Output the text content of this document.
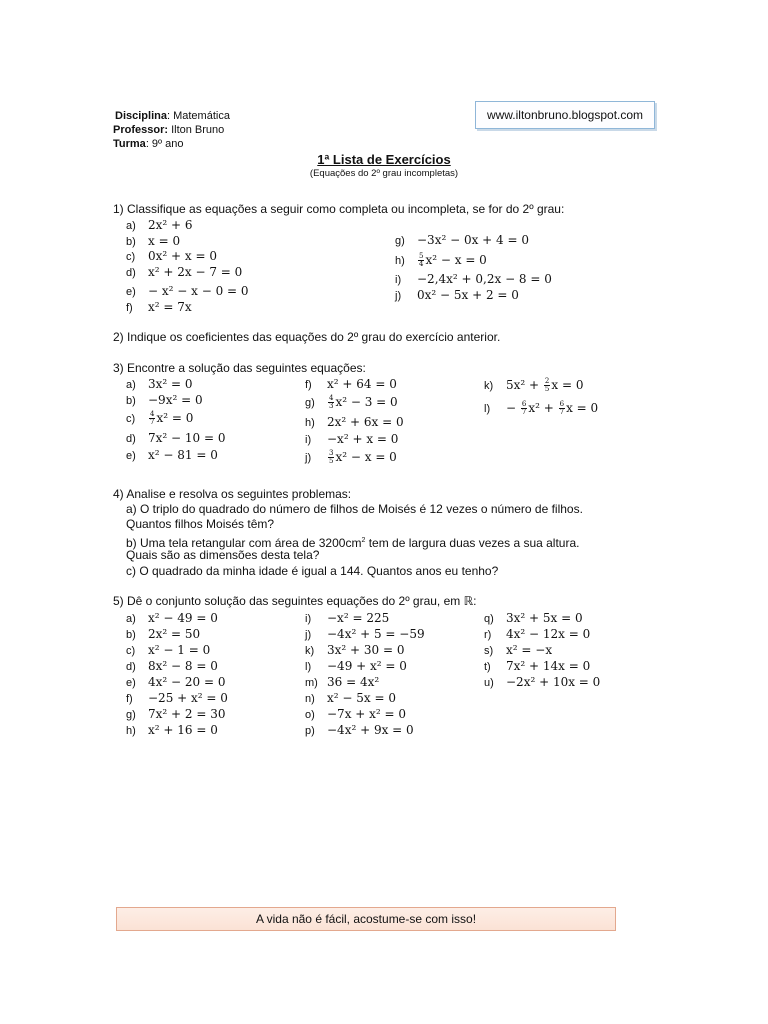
Disciplina: Matemática
Professor: Ilton Bruno
Turma: 9º ano
www.iltonbruno.blogspot.com
1ª Lista de Exercícios
(Equações do 2º grau incompletas)
1) Classifique as equações a seguir como completa ou incompleta, se for do 2º grau:
a) 2x² + 6
b) x = 0
c) 0x² + x = 0
d) x² + 2x − 7 = 0
e) − x² − x − 0 = 0
f) x² = 7x
g) −3x² − 0x + 4 = 0
$h) \frac{5}{4} x^2 - x = 0$
i) −2,4x² + 0,2x − 8 = 0
j) 0x² − 5x + 2 = 0
2) Indique os coeficientes das equações do 2º grau do exercício anterior.
3) Encontre a solução das seguintes equações:
a) 3x² = 0
b) −9x² = 0
$c) \frac{4}{7} x^2 = 0$
d) 7x² − 10 = 0
e) x² − 81 = 0
f) x² + 64 = 0
$g) \frac{4}{3} x^2 - 3 = 0$
h) 2x² + 6x = 0
i) −x² + x = 0
$j) \frac{3}{5} x^2 - x = 0$
k) $5x^2 + \frac{2}{5}$ x = 0
$l) - \frac{6}{7} x^2 + \frac{6}{7}$ x = 0
4) Analise e resolva os seguintes problemas:
a) O triplo do quadrado do número de filhos de Moisés é 12 vezes o número de filhos.
Quantos filhos Moisés têm?
b) Uma tela retangular com área de $3200cm^2$ tem de largura duas vezes a sua altura.
Quais são as dimensões desta tela?
c) O quadrado da minha idade é igual a 144. Quantos anos eu tenho?
5) Dê o conjunto solução das seguintes equações do 2º grau, em ℝ:
a) x² − 49 = 0
b) 2x² = 50
c) x² − 1 = 0
d) 8x² − 8 = 0
e) 4x² − 20 = 0
f) −25 + x² = 0
g) 7x² + 2 = 30
h) x² + 16 = 0
i) −x² = 225
j) −4x² + 5 = −59
k) 3x² + 30 = 0
l) −49 + x² = 0
m) 36 = 4x²
n) x² − 5x = 0
o) −7x + x² = 0
p) −4x² + 9x = 0
q) 3x² + 5x = 0
r) 4x² − 12x = 0
s) x² = −x
t) 7x² + 14x = 0
u) −2x² + 10x = 0
A vida não é fácil, acostume-se com isso!
